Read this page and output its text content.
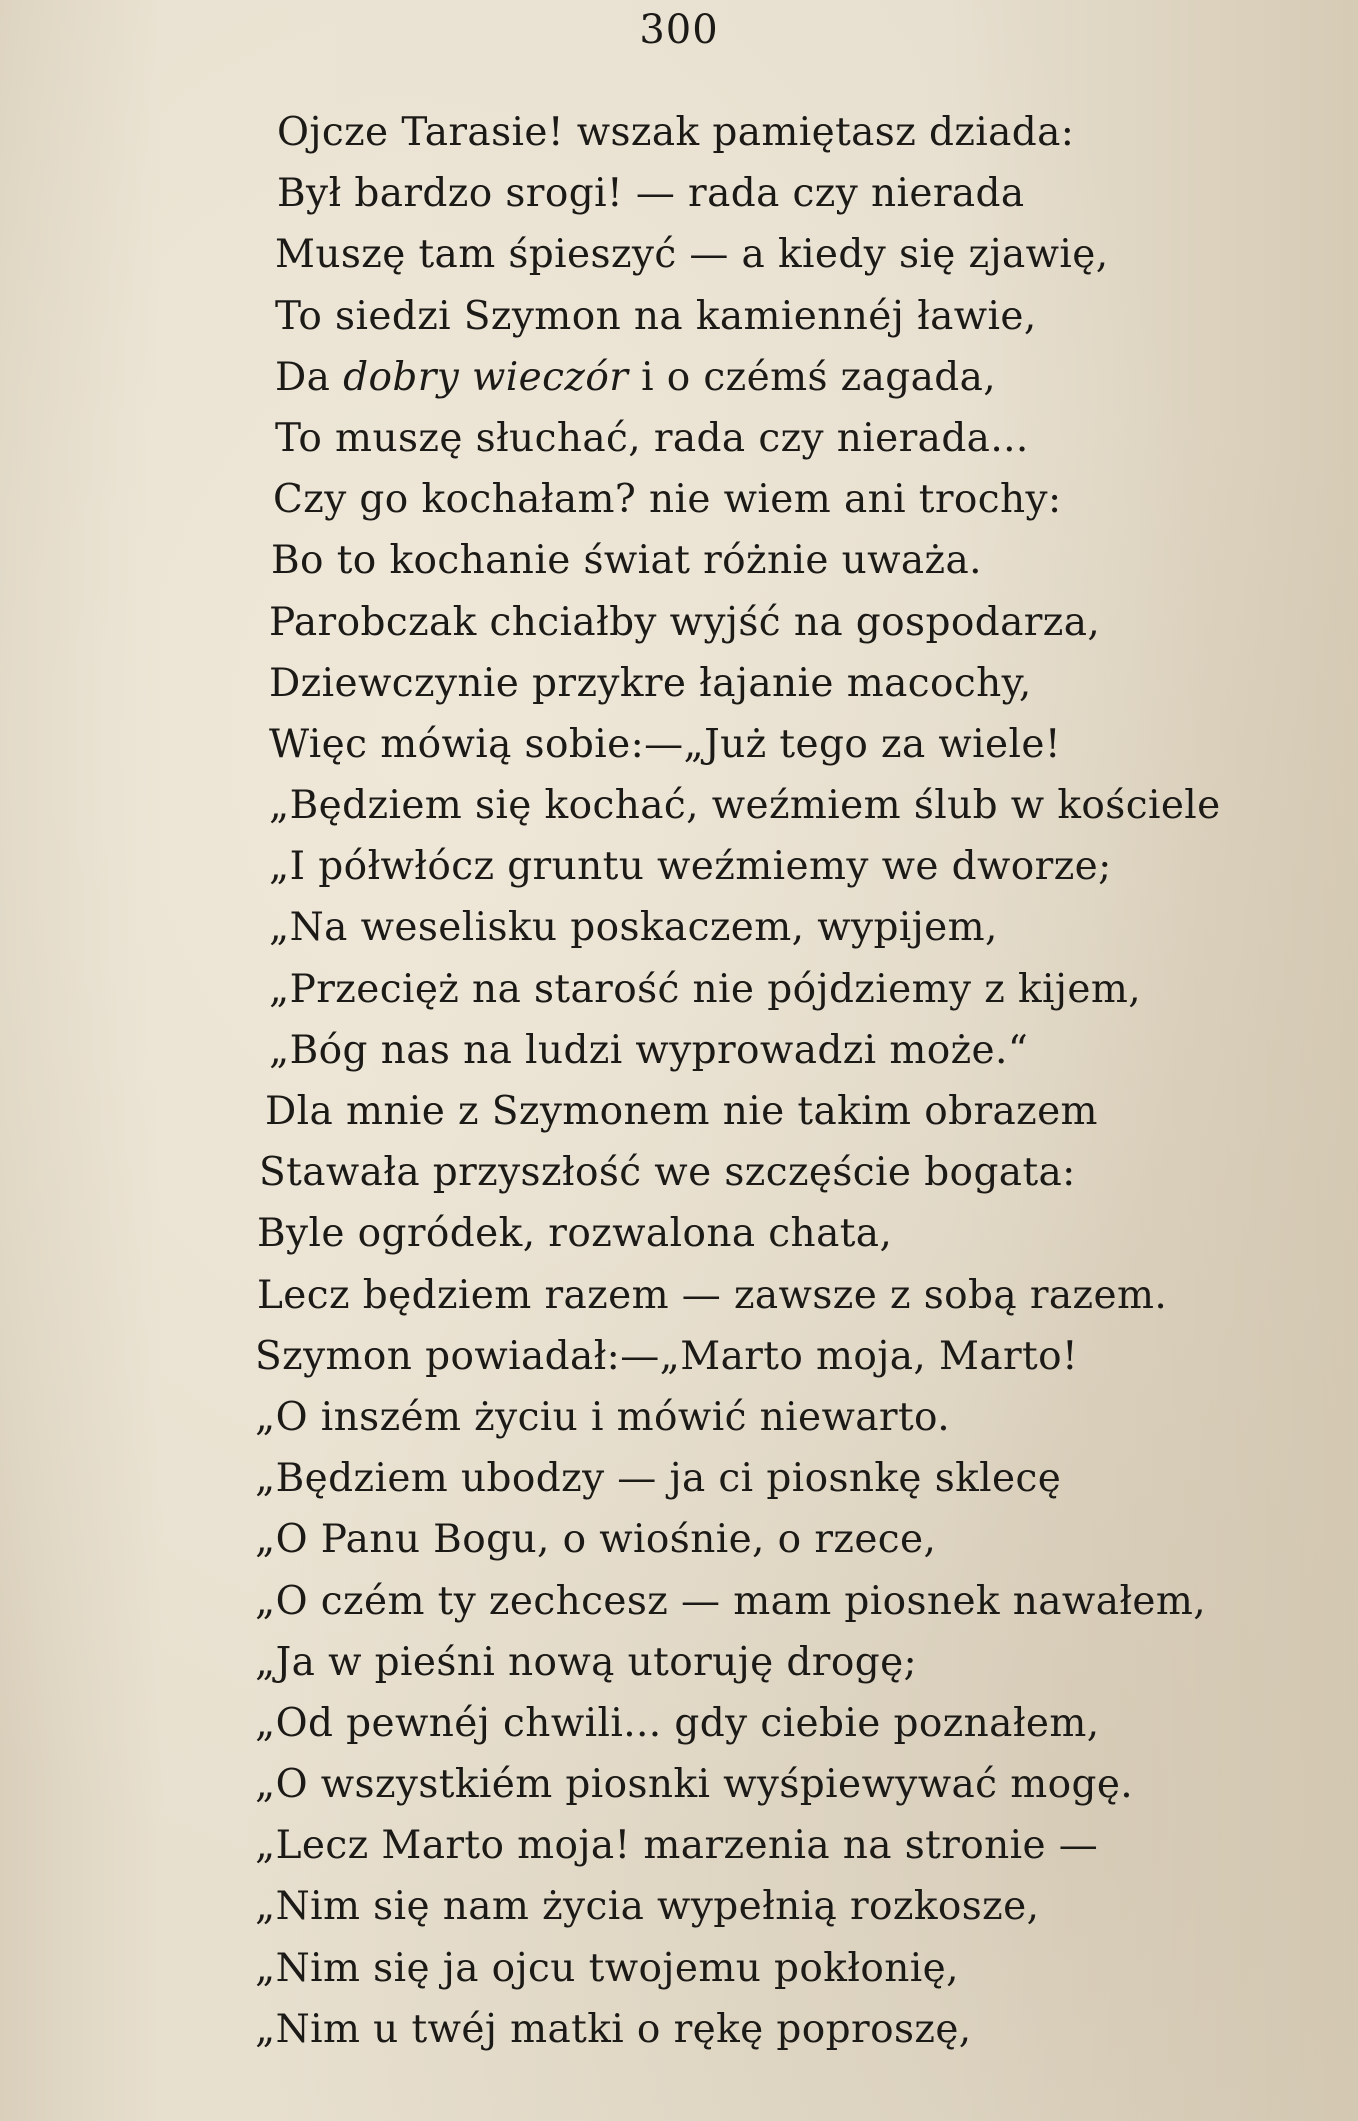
300
Ojcze Tarasie! wszak pamiętasz dziada:
Był bardzo srogi! — rada czy nierada
Muszę tam śpieszyć — a kiedy się zjawię,
To siedzi Szymon na kamiennéj ławie,
Da dobry wieczór i o czémś zagada,
To muszę słuchać, rada czy nierada...
Czy go kochałam? nie wiem ani trochy:
Bo to kochanie świat różnie uważa.
Parobczak chciałby wyjść na gospodarza,
Dziewczynie przykre łajanie macochy,
Więc mówią sobie:—„Już tego za wiele!
„Będziem się kochać, weźmiem ślub w kościele
„I półwłócz gruntu weźmiemy we dworze;
„Na weselisku poskaczem, wypijem,
„Przecięż na starość nie pójdziemy z kijem,
„Bóg nas na ludzi wyprowadzi może.“
Dla mnie z Szymonem nie takim obrazem
Stawała przyszłość we szczęście bogata:
Byle ogródek, rozwalona chata,
Lecz będziem razem — zawsze z sobą razem.
Szymon powiadał:—„Marto moja, Marto!
„O inszém życiu i mówić niewarto.
„Będziem ubodzy — ja ci piosnkę sklecę
„O Panu Bogu, o wiośnie, o rzece,
„O czém ty zechcesz — mam piosnek nawałem,
„Ja w pieśni nową utoruję drogę;
„Od pewnéj chwili... gdy ciebie poznałem,
„O wszystkiém piosnki wyśpiewywać mogę.
„Lecz Marto moja! marzenia na stronie —
„Nim się nam życia wypełnią rozkosze,
„Nim się ja ojcu twojemu pokłonię,
„Nim u twéj matki o rękę poproszę,
